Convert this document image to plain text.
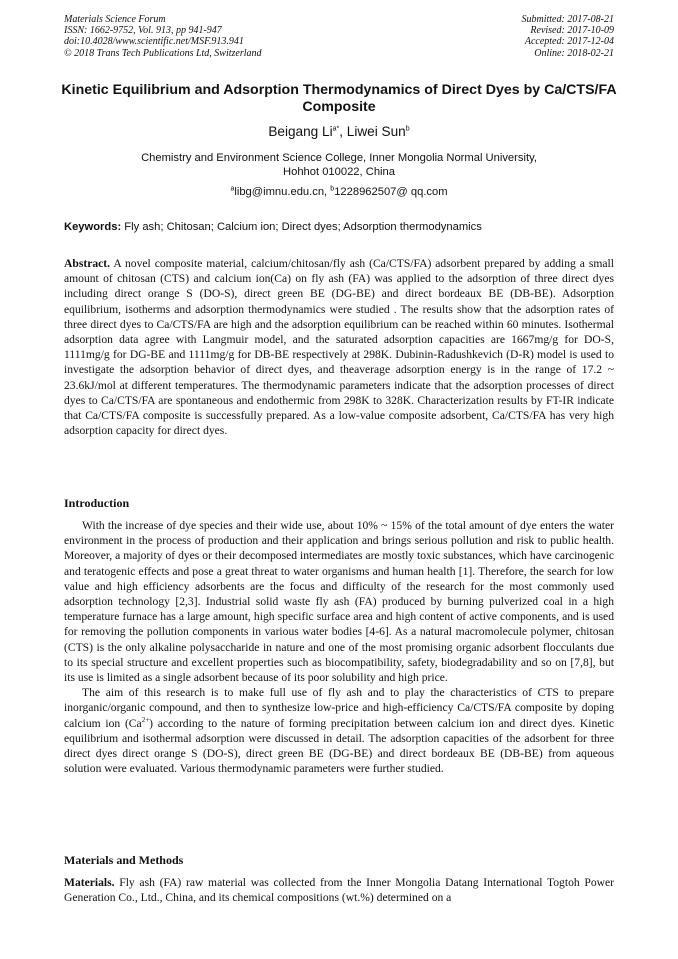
Materials Science Forum
ISSN: 1662-9752, Vol. 913, pp 941-947
doi:10.4028/www.scientific.net/MSF.913.941
© 2018 Trans Tech Publications Ltd, Switzerland
Submitted: 2017-08-21
Revised: 2017-10-09
Accepted: 2017-12-04
Online: 2018-02-21
Kinetic Equilibrium and Adsorption Thermodynamics of Direct Dyes by Ca/CTS/FA Composite
Beigang $Li^{a*}$, Liwei Sun$^b$
Chemistry and Environment Science College, Inner Mongolia Normal University,
Hohhot 010022, China
$^a$libg@imnu.edu.cn, $^b$1228962507@ qq.com
Keywords: Fly ash; Chitosan; Calcium ion; Direct dyes; Adsorption thermodynamics
Abstract. A novel composite material, calcium/chitosan/fly ash (Ca/CTS/FA) adsorbent prepared by adding a small amount of chitosan (CTS) and calcium ion(Ca) on fly ash (FA) was applied to the adsorption of three direct dyes including direct orange S (DO-S), direct green BE (DG-BE) and direct bordeaux BE (DB-BE). Adsorption equilibrium, isotherms and adsorption thermodynamics were studied . The results show that the adsorption rates of three direct dyes to Ca/CTS/FA are high and the adsorption equilibrium can be reached within 60 minutes. Isothermal adsorption data agree with Langmuir model, and the saturated adsorption capacities are 1667mg/g for DO-S, 1111mg/g for DG-BE and 1111mg/g for DB-BE respectively at 298K. Dubinin-Radushkevich (D-R) model is used to investigate the adsorption behavior of direct dyes, and theaverage adsorption energy is in the range of 17.2 ~ 23.6kJ/mol at different temperatures. The thermodynamic parameters indicate that the adsorption processes of direct dyes to Ca/CTS/FA are spontaneous and endothermic from 298K to 328K. Characterization results by FT-IR indicate that Ca/CTS/FA composite is successfully prepared. As a low-value composite adsorbent, Ca/CTS/FA has very high adsorption capacity for direct dyes.
Introduction

With the increase of dye species and their wide use, about 10% ~ 15% of the total amount of dye enters the water environment in the process of production and their application and brings serious pollution and risk to public health. Moreover, a majority of dyes or their decomposed intermediates are mostly toxic substances, which have carcinogenic and teratogenic effects and pose a great threat to water organisms and human health [1]. Therefore, the search for low value and high efficiency adsorbents are the focus and difficulty of the research for the most commonly used adsorption technology [2,3]. Industrial solid waste fly ash (FA) produced by burning pulverized coal in a high temperature furnace has a large amount, high specific surface area and high content of active components, and is used for removing the pollution components in various water bodies [4-6]. As a natural macromolecule polymer, chitosan (CTS) is the only alkaline polysaccharide in nature and one of the most promising organic adsorbent flocculants due to its special structure and excellent properties such as biocompatibility, safety, biodegradability and so on [7,8], but its use is limited as a single adsorbent because of its poor solubility and high price.

The aim of this research is to make full use of fly ash and to play the characteristics of CTS to prepare inorganic/organic compound, and then to synthesize low-price and high-efficiency Ca/CTS/FA composite by doping calcium ion $(Ca^{2+})$ according to the nature of forming precipitation between calcium ion and direct dyes. Kinetic equilibrium and isothermal adsorption were discussed in detail. The adsorption capacities of the adsorbent for three direct dyes direct orange S (DO-S), direct green BE (DG-BE) and direct bordeaux BE (DB-BE) from aqueous solution were evaluated. Various thermodynamic parameters were further studied.

Materials and Methods
Materials. Fly ash (FA) raw material was collected from the Inner Mongolia Datang International Togtoh Power Generation Co., Ltd., China, and its chemical compositions (wt.%) determined on a
